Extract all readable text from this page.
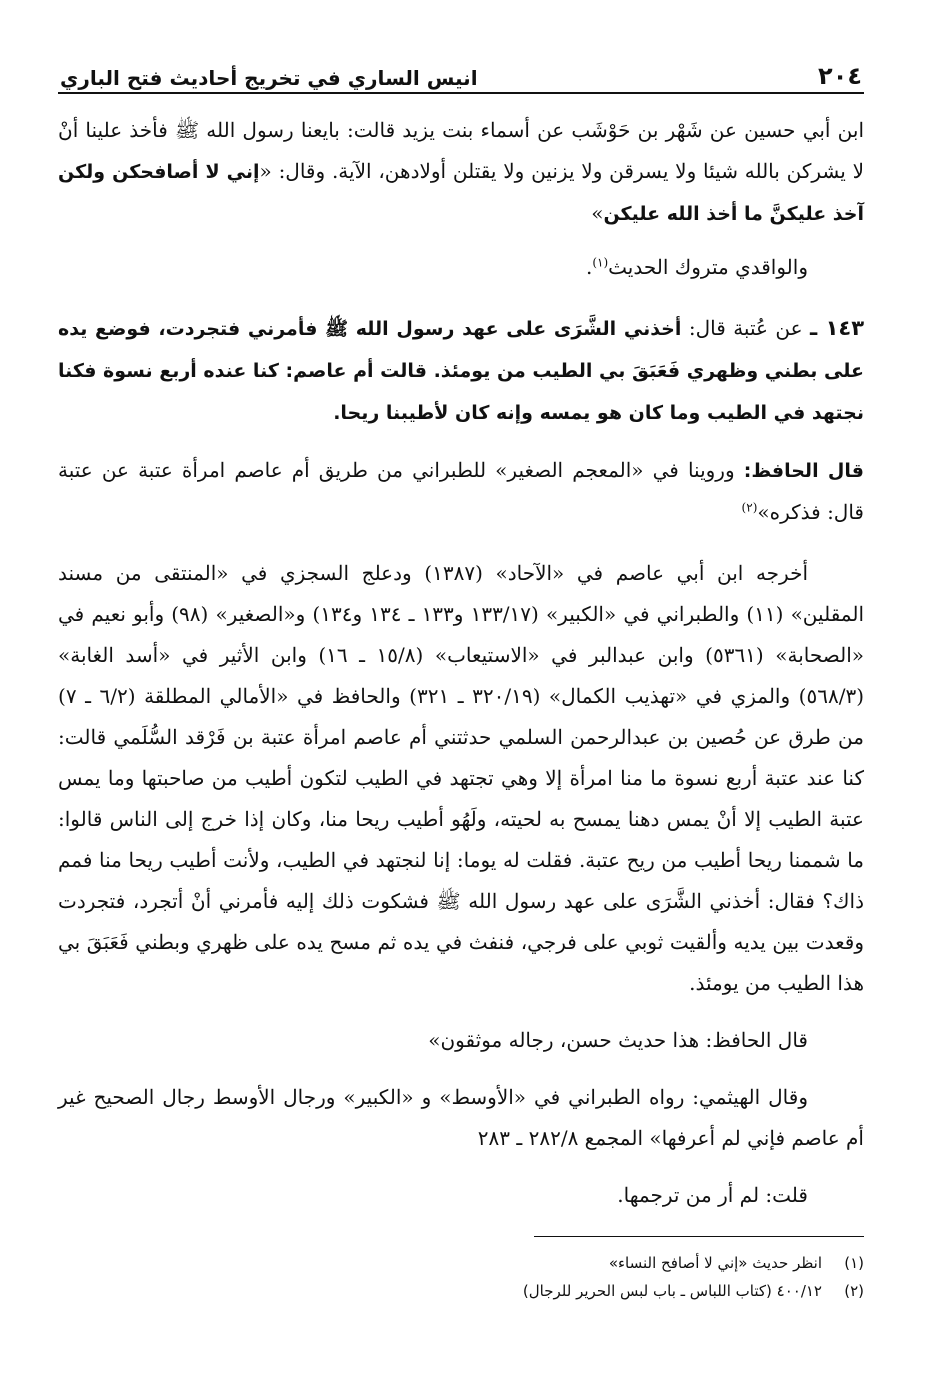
٢٠٤
انيس الساري في تخريج أحاديث فتح الباري

ابن أبي حسين عن شَهْر بن حَوْشَب عن أسماء بنت يزيد قالت: بايعنا رسول الله ﷺ فأخذ علينا أنْ لا يشركن بالله شيئا ولا يسرقن ولا يزنين ولا يقتلن أولادهن، الآية. وقال: «إني لا أصافحكن ولكن آخذ عليكنَّ ما أخذ الله عليكن»

والواقدي متروك الحديث$^{(١)}$.

١٤٣ ـ عن عُتبة قال: أخذني الشَّرَى على عهد رسول الله ﷺ فأمرني فتجردت، فوضع يده على بطني وظهري فَعَبَقَ بي الطيب من يومئذ. قالت أم عاصم: كنا عنده أربع نسوة فكنا نجتهد في الطيب وما كان هو يمسه وإنه كان لأطيبنا ريحا.

قال الحافظ: وروينا في «المعجم الصغير» للطبراني من طريق أم عاصم امرأة عتبة عن عتبة قال: فذكره»$^{(٢)}$

أخرجه ابن أبي عاصم في «الآحاد» (١٣٨٧) ودعلج السجزي في «المنتقى من مسند المقلين» (١١) والطبراني في «الكبير» (١٣٣/١٧ و١٣٣ ـ ١٣٤ و١٣٤) و«الصغير» (٩٨) وأبو نعيم في «الصحابة» (٥٣٦١) وابن عبدالبر في «الاستيعاب» (١٥/٨ ـ ١٦) وابن الأثير في «أسد الغابة» (٥٦٨/٣) والمزي في «تهذيب الكمال» (٣٢٠/١٩ ـ ٣٢١) والحافظ في «الأمالي المطلقة (٦/٢ ـ ٧) من طرق عن حُصين بن عبدالرحمن السلمي حدثتني أم عاصم امرأة عتبة بن فَرْقد السُّلَمي قالت: كنا عند عتبة أربع نسوة ما منا امرأة إلا وهي تجتهد في الطيب لتكون أطيب من صاحبتها وما يمس عتبة الطيب إلا أنْ يمس دهنا يمسح به لحيته، ولَهُو أطيب ريحا منا، وكان إذا خرج إلى الناس قالوا: ما شممنا ريحا أطيب من ريح عتبة. فقلت له يوما: إنا لنجتهد في الطيب، ولأنت أطيب ريحا منا فمم ذاك؟ فقال: أخذني الشَّرَى على عهد رسول الله ﷺ فشكوت ذلك إليه فأمرني أنْ أتجرد، فتجردت وقعدت بين يديه وألقيت ثوبي على فرجي، فنفث في يده ثم مسح يده على ظهري وبطني فَعَبَقَ بي هذا الطيب من يومئذ.

قال الحافظ: هذا حديث حسن، رجاله موثقون»

وقال الهيثمي: رواه الطبراني في «الأوسط» و «الكبير» ورجال الأوسط رجال الصحيح غير أم عاصم فإني لم أعرفها» المجمع ٢٨٢/٨ ـ ٢٨٣

قلت: لم أر من ترجمها.

(١)
انظر حديث «إني لا أصافح النساء»
(٢)
٤٠٠/١٢ (كتاب اللباس ـ باب لبس الحرير للرجال)
